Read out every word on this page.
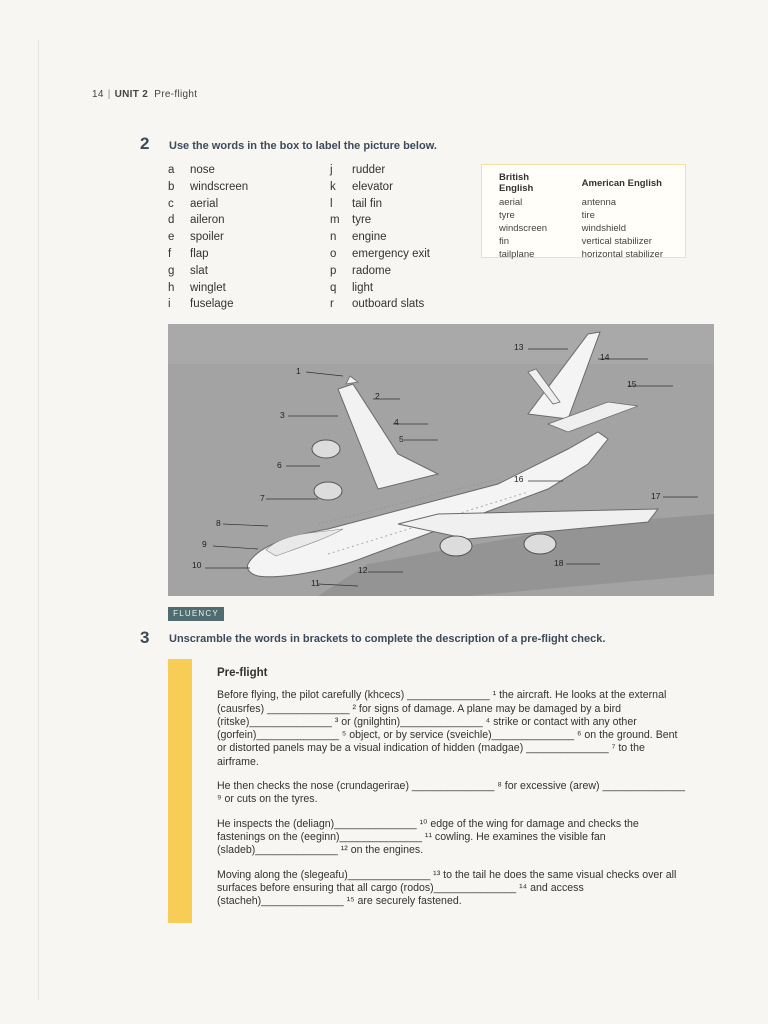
14 | UNIT 2 Pre-flight
2 Use the words in the box to label the picture below.
a nose
b windscreen
c aerial
d aileron
e spoiler
f flap
g slat
h winglet
i fuselage
j rudder
k elevator
l tail fin
m tyre
n engine
o emergency exit
p radome
q light
r outboard slats
British English	American English
aerial	antenna
tyre	tire
windscreen	windshield
fin	vertical stabilizer
tailplane	horizontal stabilizer
1
2
3
4
5
6
7
8
9
10
11
12
13
14
15
16
17
18
FLUENCY
3 Unscramble the words in brackets to complete the description of a pre-flight check.
Pre-flight

Before flying, the pilot carefully (khcecs) ______________ ¹ the aircraft. He looks at the external (causrfes) ______________ ² for signs of damage. A plane may be damaged by a bird (ritske)______________ ³ or (gnilghtin)______________ ⁴ strike or contact with any other (gorfein)______________ ⁵ object, or by service (sveichle)______________ ⁶ on the ground. Bent or distorted panels may be a visual indication of hidden (madgae) ______________ ⁷ to the airframe.

He then checks the nose (crundagerirae) ______________ ⁸ for excessive (arew) ______________ ⁹ or cuts on the tyres.

He inspects the (deliagn)______________ ¹⁰ edge of the wing for damage and checks the fastenings on the (eeginn)______________ ¹¹ cowling. He examines the visible fan (sladeb)______________ ¹² on the engines.

Moving along the (slegeafu)______________ ¹³ to the tail he does the same visual checks over all surfaces before ensuring that all cargo (rodos)______________ ¹⁴ and access (stacheh)______________ ¹⁵ are securely fastened.
